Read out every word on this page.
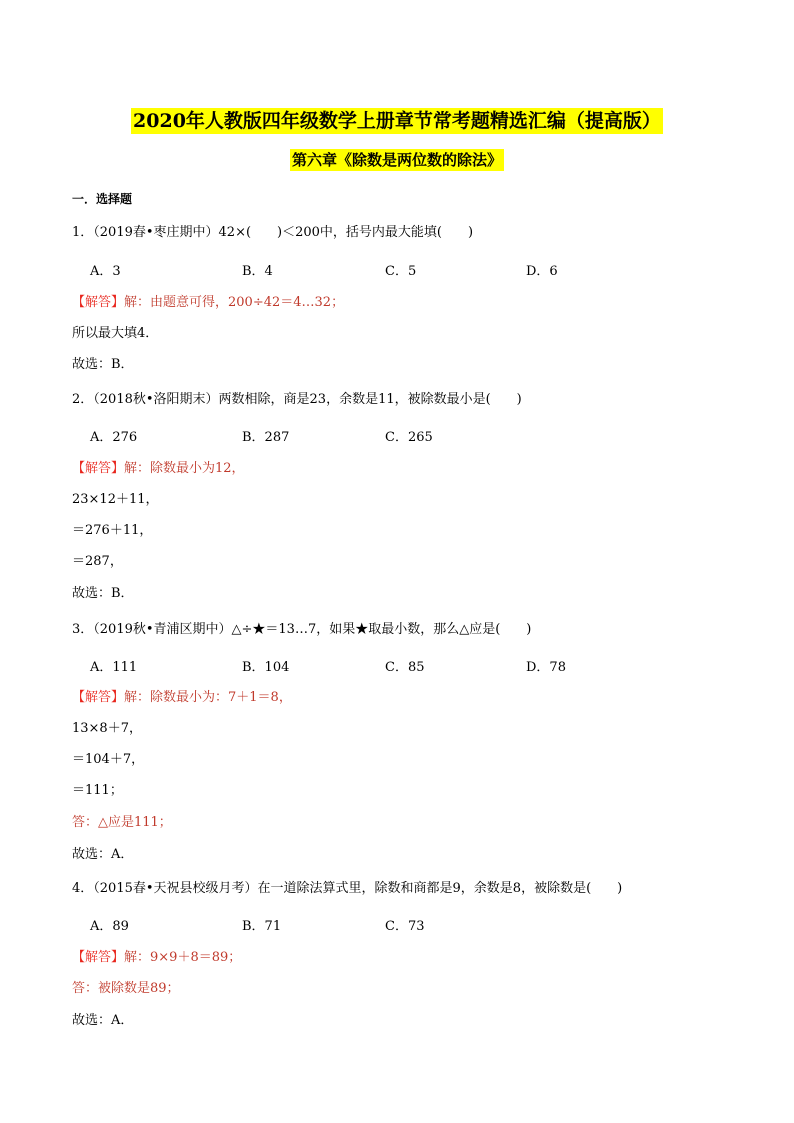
2020年人教版四年级数学上册章节常考题精选汇编（提高版）
第六章《除数是两位数的除法》
一．选择题
1．（2019春•枣庄期中）42×(　　)＜200中，括号内最大能填(　　)
A．3	B．4	C．5	D．6
【解答】解：由题意可得，200÷42＝4…32；
所以最大填4．
故选：B．
2．（2018秋•洛阳期末）两数相除，商是23，余数是11，被除数最小是(　　)
A．276	B．287	C．265
【解答】解：除数最小为12，
23×12＋11，
＝276＋11，
＝287，
故选：B．
3．（2019秋•青浦区期中）△÷★＝13…7，如果★取最小数，那么△应是(　　)
A．111	B．104	C．85	D．78
【解答】解：除数最小为：7＋1＝8，
13×8＋7，
＝104＋7，
＝111；
答：△应是111；
故选：A．
4．（2015春•天祝县校级月考）在一道除法算式里，除数和商都是9，余数是8，被除数是(　　)
A．89	B．71	C．73
【解答】解：9×9＋8＝89；
答：被除数是89；
故选：A．
